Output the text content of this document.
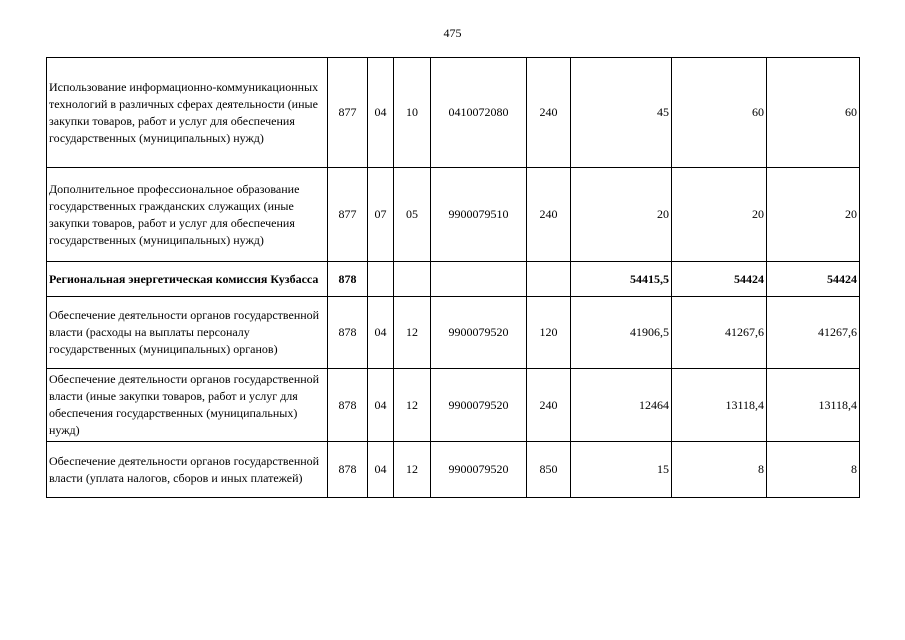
475
Использование информационно-коммуникационных технологий в различных сферах деятельности (иные закупки товаров, работ и услуг для обеспечения государственных (муниципальных) нужд)	877	04	10	0410072080	240	45	60	60
Дополнительное профессиональное образование государственных гражданских служащих (иные закупки товаров, работ и услуг для обеспечения государственных (муниципальных) нужд)	877	07	05	9900079510	240	20	20	20
Региональная энергетическая комиссия Кузбасса	878					54415,5	54424	54424
Обеспечение деятельности органов государственной власти (расходы на выплаты персоналу государственных (муниципальных) органов)	878	04	12	9900079520	120	41906,5	41267,6	41267,6
Обеспечение деятельности органов государственной власти (иные закупки товаров, работ и услуг для обеспечения государственных (муниципальных) нужд)	878	04	12	9900079520	240	12464	13118,4	13118,4
Обеспечение деятельности органов государственной власти (уплата налогов, сборов и иных платежей)	878	04	12	9900079520	850	15	8	8
